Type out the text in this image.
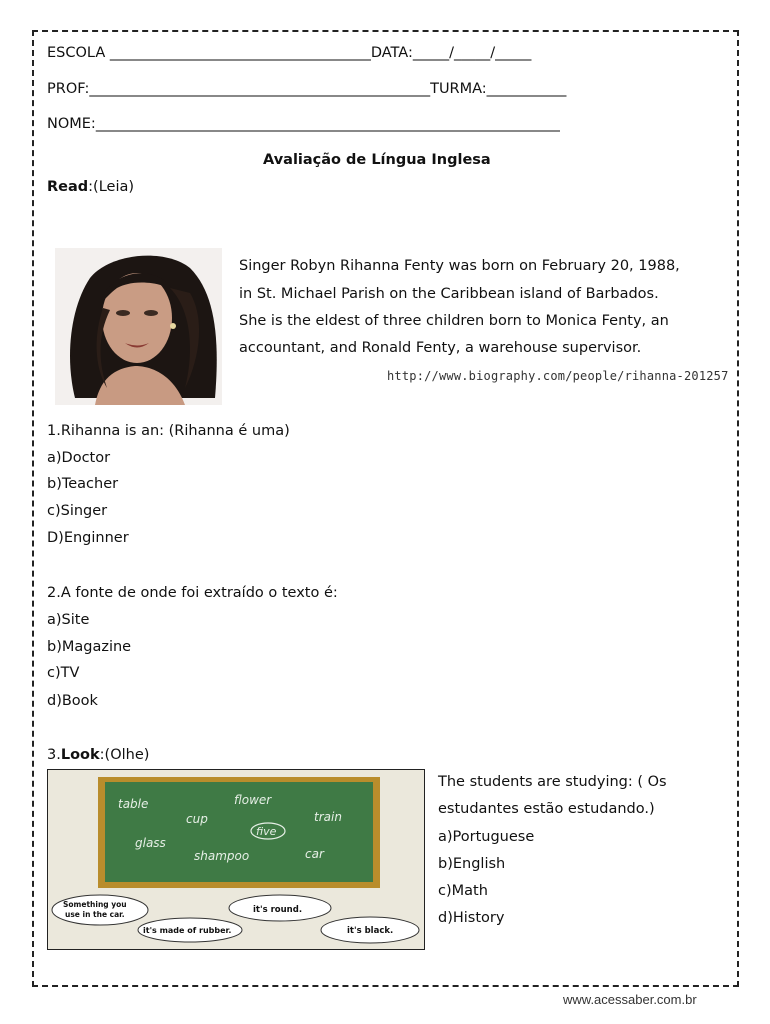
ESCOLA ____________________________________DATA:_____/_____/_____
PROF:_______________________________________________TURMA:___________
NOME:________________________________________________________________
Avaliação de Língua Inglesa
Read:(Leia)
Singer Robyn Rihanna Fenty was born on February 20, 1988,
in St. Michael Parish on the Caribbean island of Barbados.
She is the eldest of three children born to Monica Fenty, an
accountant, and Ronald Fenty, a warehouse supervisor.
http://www.biography.com/people/rihanna-201257
1.Rihanna is an: (Rihanna é uma)
a)Doctor
b)Teacher
c)Singer
D)Enginner
2.A fonte de onde foi extraído o texto é:
a)Site
b)Magazine
c)TV
d)Book
3.Look:(Olhe)
table	flower
cup	train
glass
five
shampoo	car
Something you
use in the car.	it's round.
it's made of rubber.	it's black.
The students are studying: ( Os
estudantes estão estudando.)
a)Portuguese
b)English
c)Math
d)History
www.acessaber.com.br
